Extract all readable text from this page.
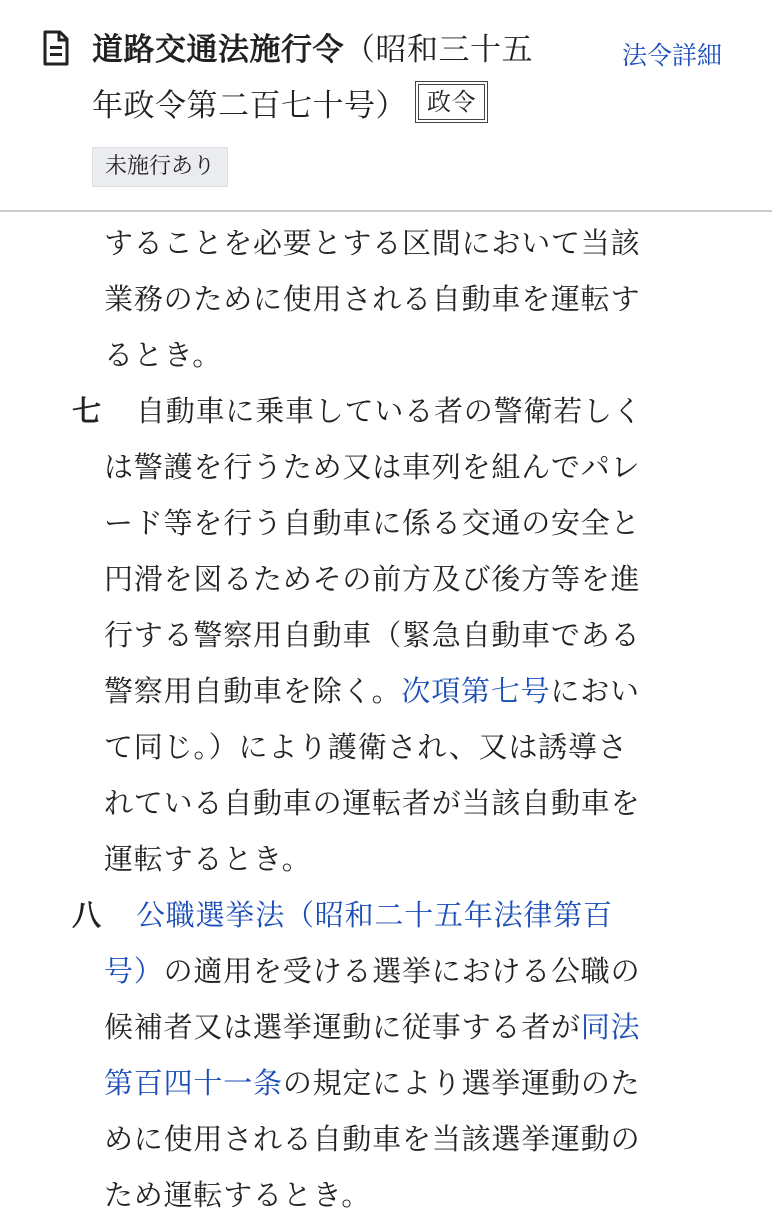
道路交通法施行令（昭和三十五
年政令第二百七十号） 政令
法令詳細
未施行あり
することを必要とする区間において当該
業務のために使用される自動車を運転す
るとき。
七 自動車に乗車している者の警衛若しく
は警護を行うため又は車列を組んでパレ
ード等を行う自動車に係る交通の安全と
円滑を図るためその前方及び後方等を進
行する警察用自動車（緊急自動車である
警察用自動車を除く。次項第七号におい
て同じ。）により護衛され、又は誘導さ
れている自動車の運転者が当該自動車を
運転するとき。
八 公職選挙法（昭和二十五年法律第百
号）の適用を受ける選挙における公職の
候補者又は選挙運動に従事する者が同法
第百四十一条の規定により選挙運動のた
めに使用される自動車を当該選挙運動の
ため運転するとき。
